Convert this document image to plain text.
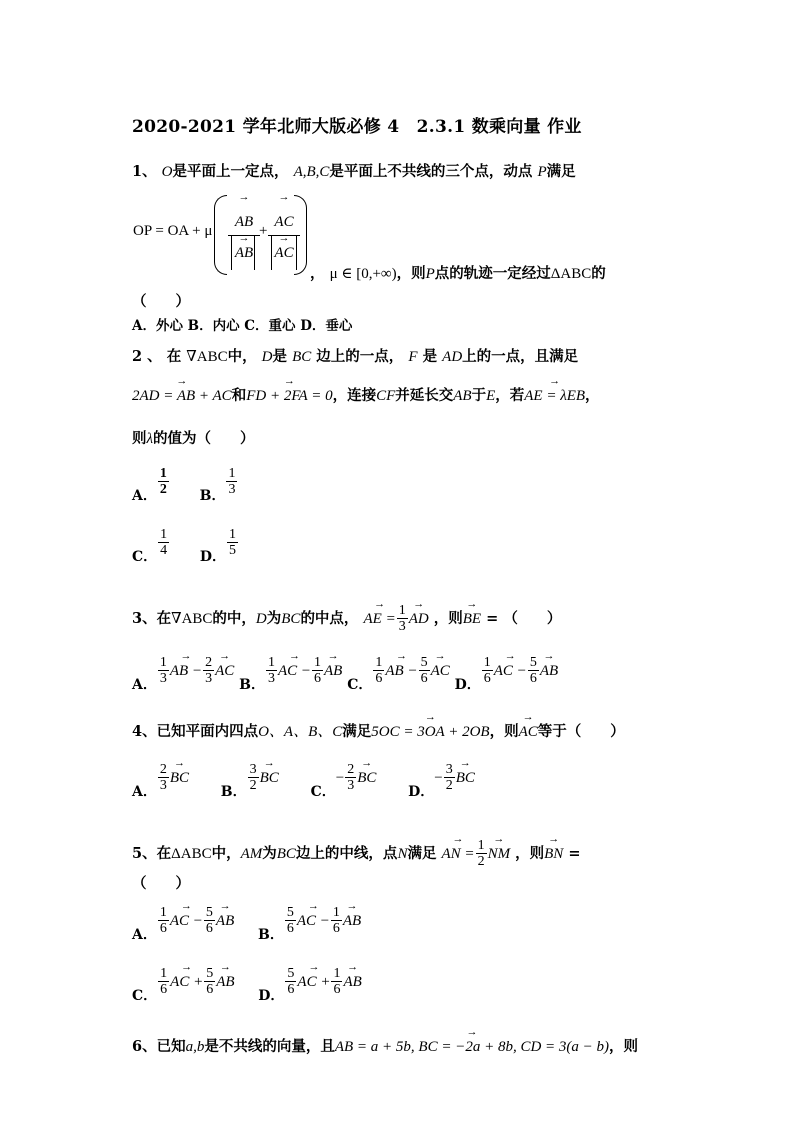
2020-2021 学年北师大版必修 4　2.3.1 数乘向量 作业
1、 O是平面上一定点， A,B,C是平面上不共线的三个点，动点 P满足
OP = OA + μ
→ AB
→ AB
+
→ AC
→ AC
， μ ∈ [0,+∞)，则P点的轨迹一定经过ΔABC的
（　　）
A．外心 B．内心 C．重心 D．垂心
2 、 在 ∇ABC中， D是 BC 边上的一点， F 是 AD上的一点，且满足
→ 2AD = AB + AC和→ FD + 2FA = 0，连接CF并延长交AB于E，若→ AE = λEB，
则λ的值为（　　）
A． $\frac{1}{2}$ B． $\frac{1}{3}$
C． $\frac{1}{4}$ D． $\frac{1}{5}$
3、在∇ABC的中，D为BC的中点， → AE = $\frac{1}{3}$ → AD ，则→ BE = （　　）
A． $\frac{1}{3}$ → AB − $\frac{2}{3}$ → AC B． $\frac{1}{3}$ → AC − $\frac{1}{6}$ → AB C． $\frac{1}{6}$ → AB − $\frac{5}{6}$ → AC D． $\frac{1}{6}$ → AC − $\frac{5}{6}$ → AB
4、已知平面内四点O、A、B、C满足→ 5OC = 3OA + 2OB，则→ AC等于（　　）
A． $\frac{2}{3}$ → BC  B． $\frac{3}{2}$ → BC  C．− $\frac{2}{3}$ → BC  D．− $\frac{3}{2}$ → BC
5、在ΔABC中，AM为BC边上的中线，点N满足 → AN = $\frac{1}{2}$ → NM ，则→ BN =
（　　）
A． $\frac{1}{6}$ → AC − $\frac{5}{6}$ → AB  B． $\frac{5}{6}$ → AC − $\frac{1}{6}$ → AB
C． $\frac{1}{6}$ → AC + $\frac{5}{6}$ → AB  D． $\frac{5}{6}$ → AC + $\frac{1}{6}$ → AB
6、已知a,b是不共线的向量，且→ AB = a + 5b, BC = −2a + 8b, CD = 3(a − b)，则
